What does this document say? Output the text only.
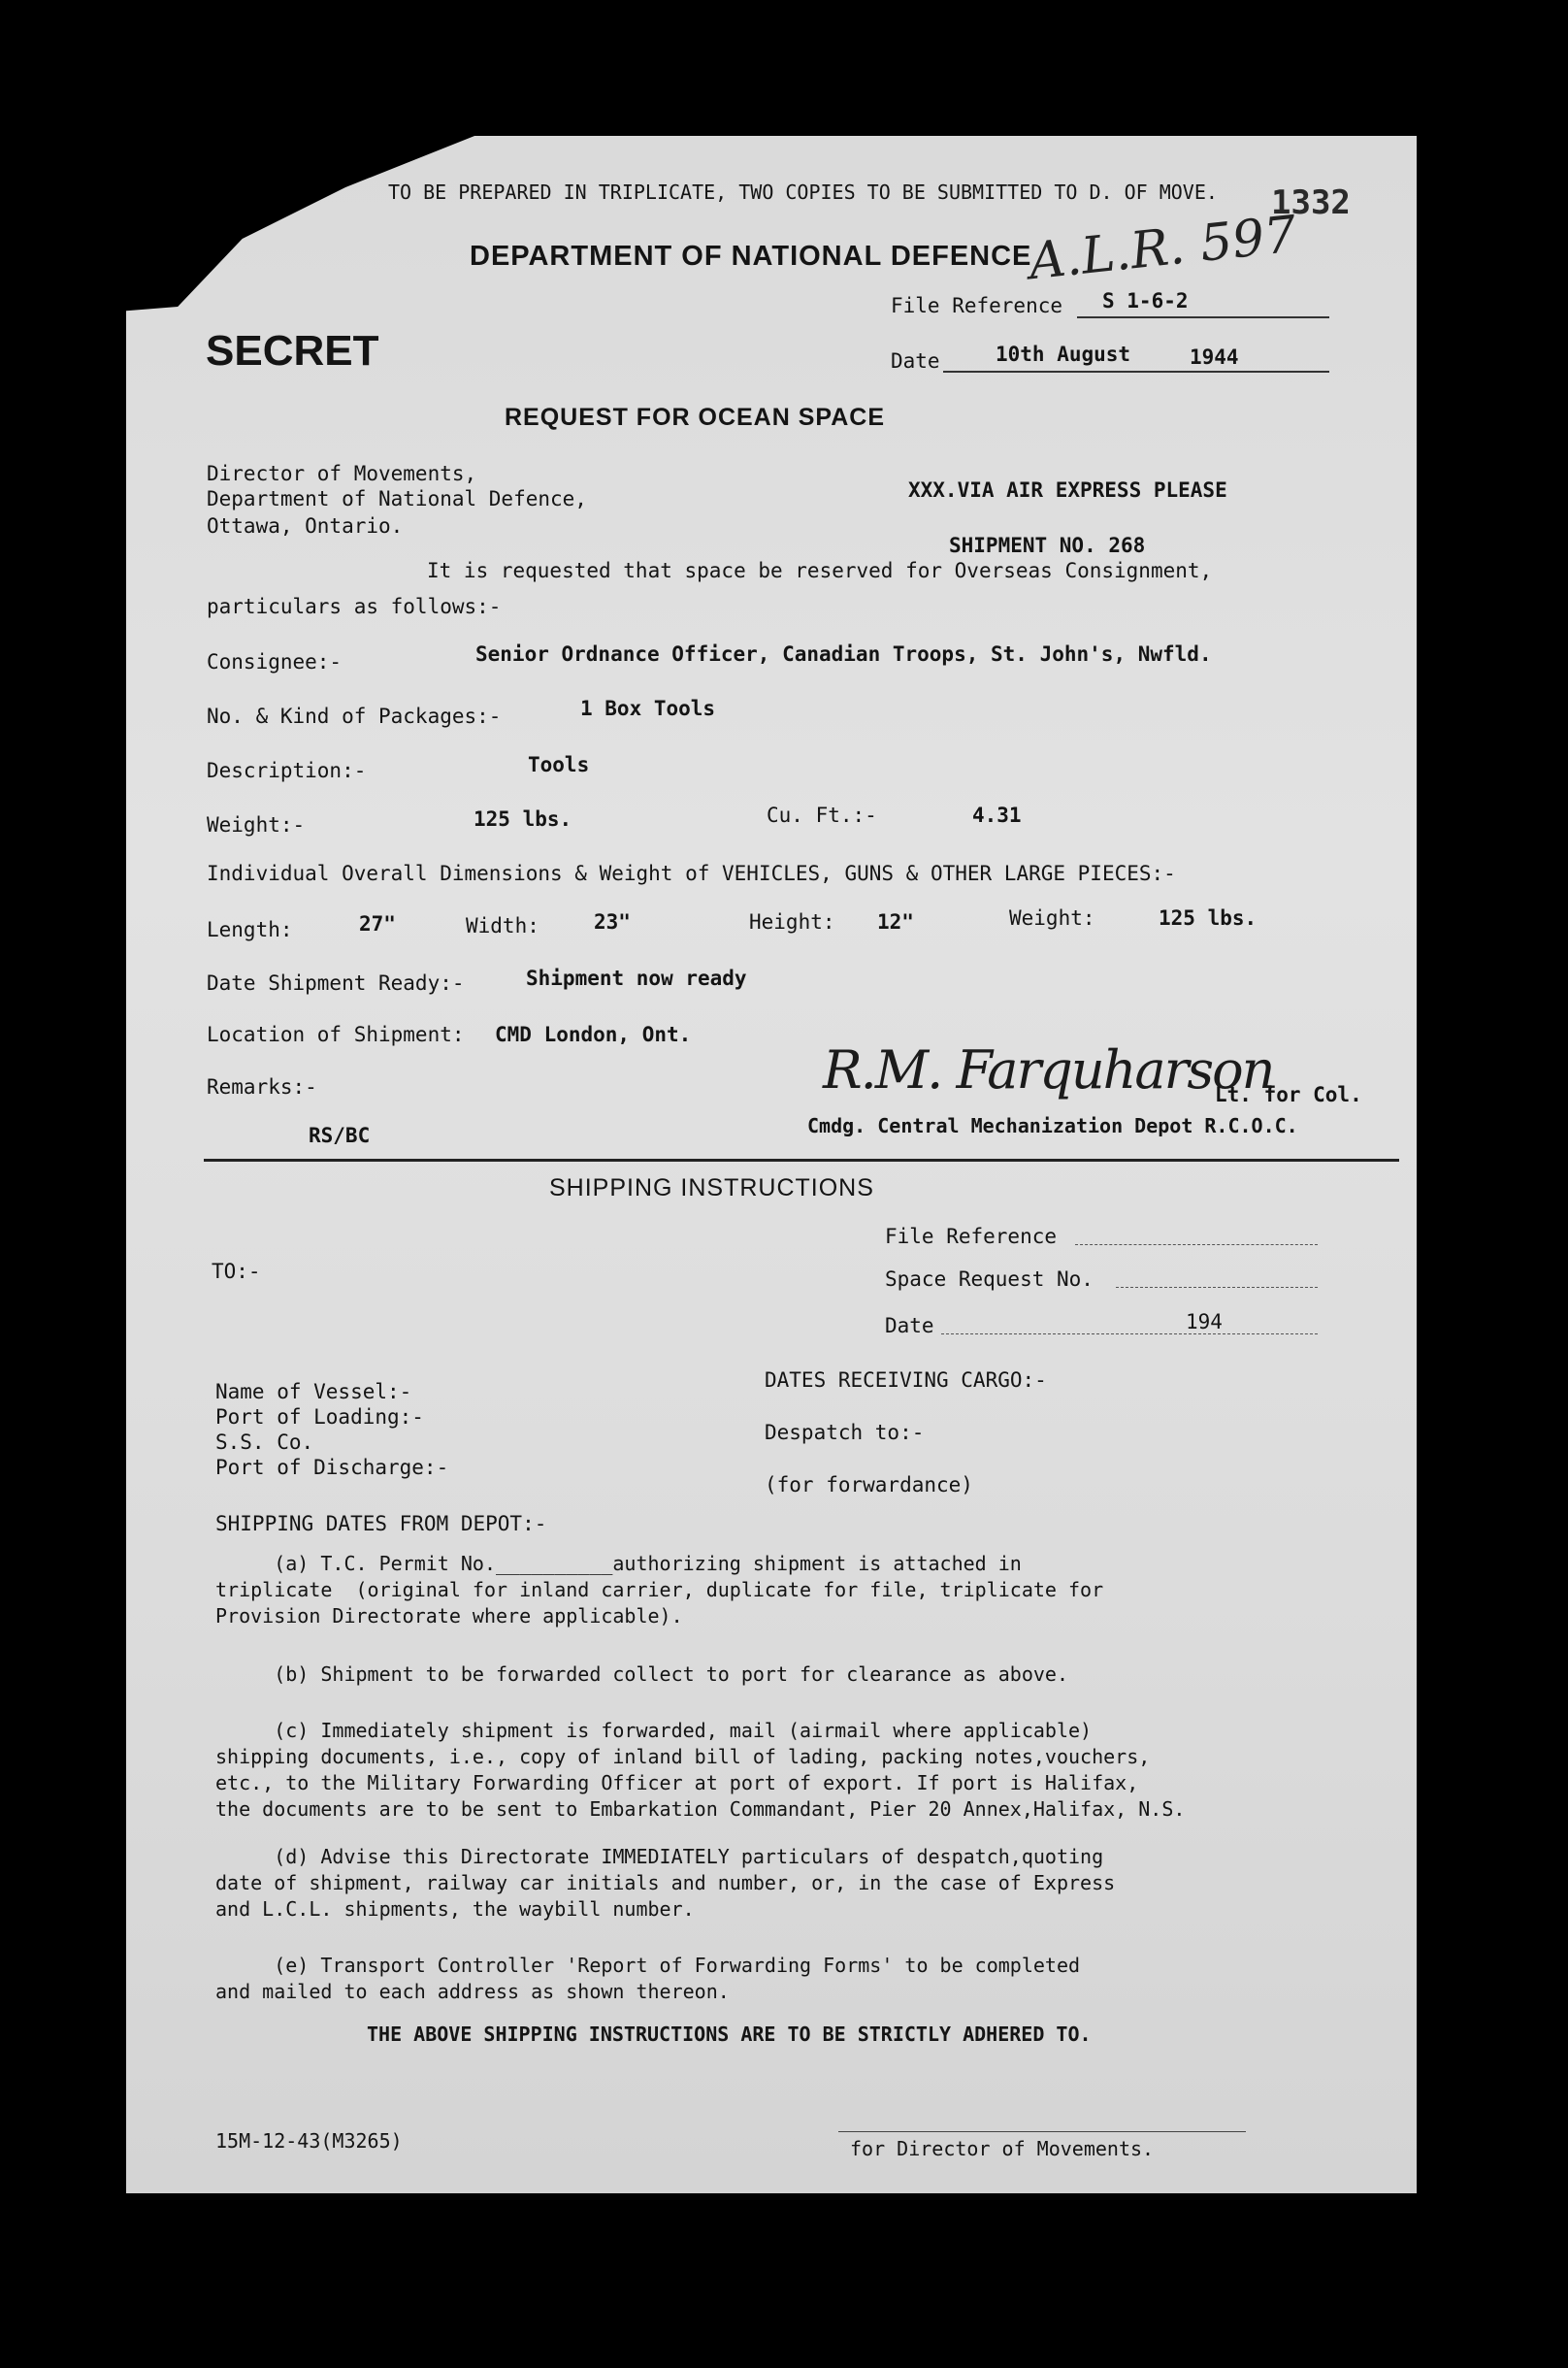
TO BE PREPARED IN TRIPLICATE, TWO COPIES TO BE SUBMITTED TO D. OF MOVE. 1332
DEPARTMENT OF NATIONAL DEFENCE
A.L.R. 597
SECRET
File Reference S 1-6-2
Date	10th August	1944
REQUEST FOR OCEAN SPACE
Director of Movements,
Department of National Defence,
Ottawa, Ontario.
XXX.VIA AIR EXPRESS PLEASE
SHIPMENT NO. 268
It is requested that space be reserved for Overseas Consignment,
particulars as follows:-
Consignee:-	Senior Ordnance Officer, Canadian Troops, St. John's, Nwfld.
No. & Kind of Packages:-	1 Box Tools
Description:-	Tools
Weight:-	125 lbs.	Cu. Ft.:-	4.31
Individual Overall Dimensions & Weight of VEHICLES, GUNS & OTHER LARGE PIECES:-
Length:	27"	Width:	23"	Height: 12"	Weight:	125 lbs.
Date Shipment Ready:-	Shipment now ready
Location of Shipment: CMD London, Ont.
Remarks:-
RS/BC
R.M. Farquharson
Lt. for Col.
Cmdg. Central Mechanization Depot R.C.O.C.
SHIPPING INSTRUCTIONS
File Reference
Space Request No.
Date	194
TO:-
Name of Vessel:-
Port of Loading:-
S.S. Co.
Port of Discharge:-
DATES RECEIVING CARGO:-
Despatch to:-
(for forwardance)
SHIPPING DATES FROM DEPOT:-
(a) T.C. Permit No.__________authorizing shipment is attached in
triplicate  (original for inland carrier, duplicate for file, triplicate for
Provision Directorate where applicable).
(b) Shipment to be forwarded collect to port for clearance as above.
(c) Immediately shipment is forwarded, mail (airmail where applicable)
shipping documents, i.e., copy of inland bill of lading, packing notes,vouchers,
etc., to the Military Forwarding Officer at port of export. If port is Halifax,
the documents are to be sent to Embarkation Commandant, Pier 20 Annex,Halifax, N.S.
(d) Advise this Directorate IMMEDIATELY particulars of despatch,quoting
date of shipment, railway car initials and number, or, in the case of Express
and L.C.L. shipments, the waybill number.
(e) Transport Controller 'Report of Forwarding Forms' to be completed
and mailed to each address as shown thereon.
THE ABOVE SHIPPING INSTRUCTIONS ARE TO BE STRICTLY ADHERED TO.
15M-12-43(M3265)	for Director of Movements.
